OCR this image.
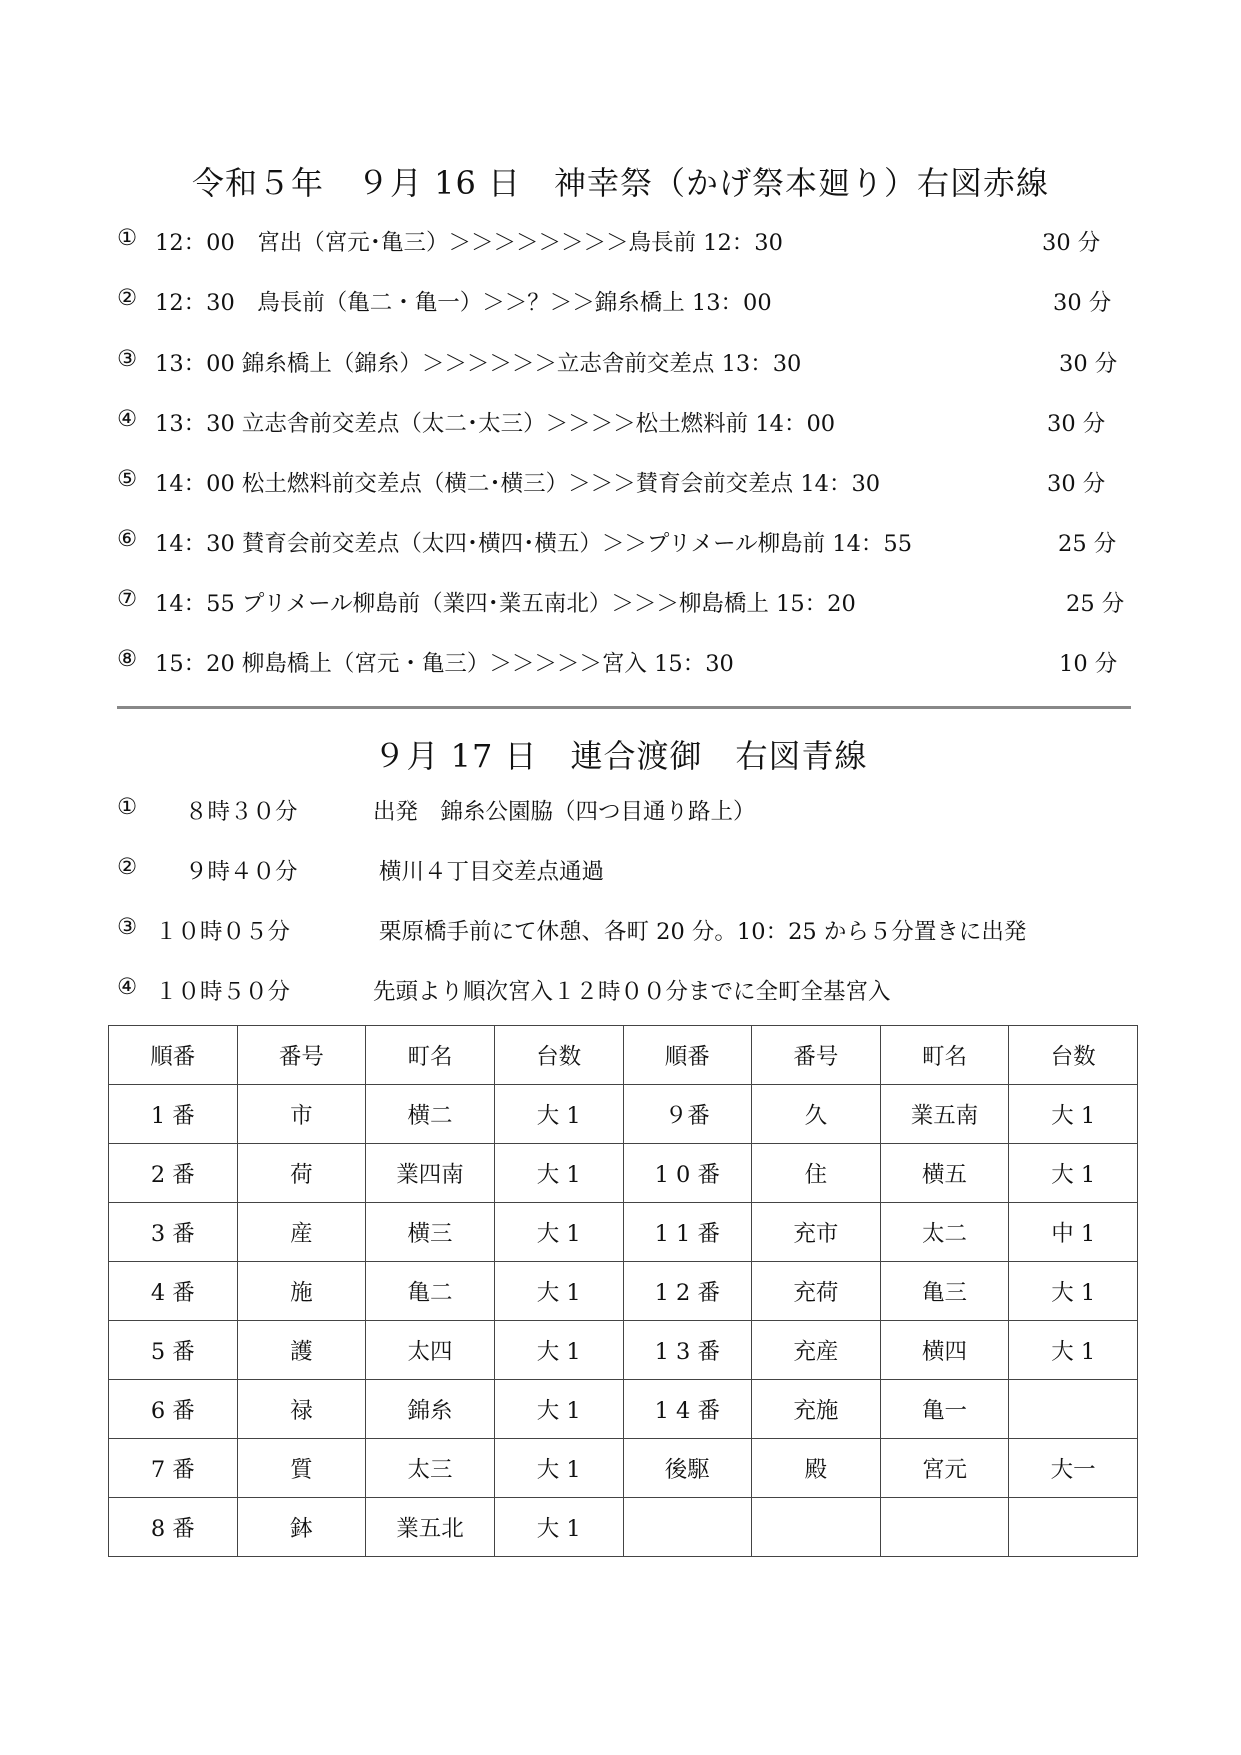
令和５年　９月 16 日　神幸祭（かげ祭本廻り）右図赤線
① 12：00　宮出（宮元･亀三）＞＞＞＞＞＞＞＞鳥長前 12：30	30 分
② 12：30　鳥長前（亀二・亀一）＞＞？＞＞錦糸橋上 13：00	30 分
③ 13：00 錦糸橋上（錦糸）＞＞＞＞＞＞立志舎前交差点 13：30	30 分
④ 13：30 立志舎前交差点（太二･太三）＞＞＞＞松土燃料前 14：00	30 分
⑤ 14：00 松土燃料前交差点（横二･横三）＞＞＞賛育会前交差点 14：30	30 分
⑥ 14：30 賛育会前交差点（太四･横四･横五）＞＞プリメール柳島前 14：55	25 分
⑦ 14：55 プリメール柳島前（業四･業五南北）＞＞＞柳島橋上 15：20	25 分
⑧ 15：20 柳島橋上（宮元・亀三）＞＞＞＞＞宮入 15：30	10 分
９月 17 日　連合渡御　右図青線
① ８時３０分	出発　錦糸公園脇（四つ目通り路上）
② ９時４０分	横川４丁目交差点通過
③ １０時０５分	栗原橋手前にて休憩、各町 20 分。10：25 から５分置きに出発
④ １０時５０分	先頭より順次宮入１２時００分までに全町全基宮入
順番	番号	町名	台数	順番	番号	町名	台数
1 番	市	横二	大 1	９番	久	業五南	大 1
2 番	荷	業四南	大 1	1 0 番	住	横五	大 1
3 番	産	横三	大 1	1 1 番	充市	太二	中 1
4 番	施	亀二	大 1	1 2 番	充荷	亀三	大 1
5 番	護	太四	大 1	1 3 番	充産	横四	大 1
6 番	禄	錦糸	大 1	1 4 番	充施	亀一	
7 番	質	太三	大 1	後駆	殿	宮元	大一
8 番	鉢	業五北	大 1				
